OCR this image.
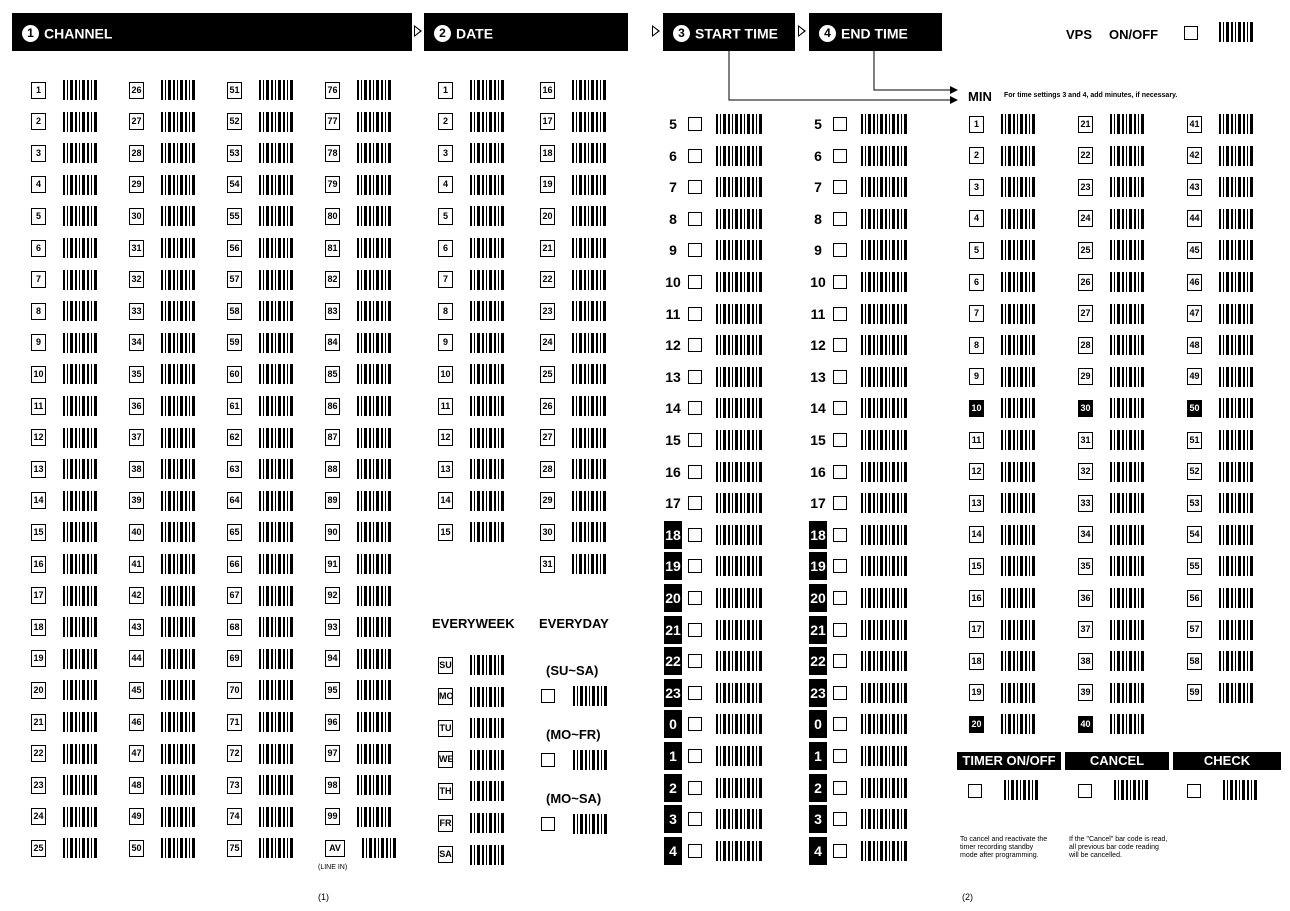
1 CHANNEL	2 DATE	3 START TIME	4 END TIME	VPS ON/OFF
MIN For time settings 3 and 4, add minutes, if necessary.
1	26	51	76
2	27	52	77
3	28	53	78
4	29	54	79
5	30	55	80
6	31	56	81
7	32	57	82
8	33	58	83
9	34	59	84
10	35	60	85
11	36	61	86
12	37	62	87
13	38	63	88
14	39	64	89
15	40	65	90
16	41	66	91
17	42	67	92
18	43	68	93
19	44	69	94
20	45	70	95
21	46	71	96
22	47	72	97
23	48	73	98
24	49	74	99
25	50	75	AV
(LINE IN)
1	16
2	17
3	18
4	19
5	20
6	21
7	22
8	23
9	24
10	25
11	26
12	27
13	28
14	29
15	30
31
EVERYWEEK EVERYDAY
SU
MO
TU
WE
TH
FR
SA
(SU~SA)
(MO~FR)
(MO~SA)
5
6
7
8
9
10
11
12
13
14
15
16
17
18
19
20
21
22
23
0
1
2
3
4
5
6
7
8
9
10
11
12
13
14
15
16
17
18
19
20
21
22
23
0
1
2
3
4
1	21	41
2	22	42
3	23	43
4	24	44
5	25	45
6	26	46
7	27	47
8	28	48
9	29	49
10	30	50
11	31	51
12	32	52
13	33	53
14	34	54
15	35	55
16	36	56
17	37	57
18	38	58
19	39	59
20	40
TIMER ON/OFF	CANCEL	CHECK
To cancel and reactivate the timer recording standby mode after programming.
If the "Cancel" bar code is read, all previous bar code reading will be cancelled.
(1)	(2)
